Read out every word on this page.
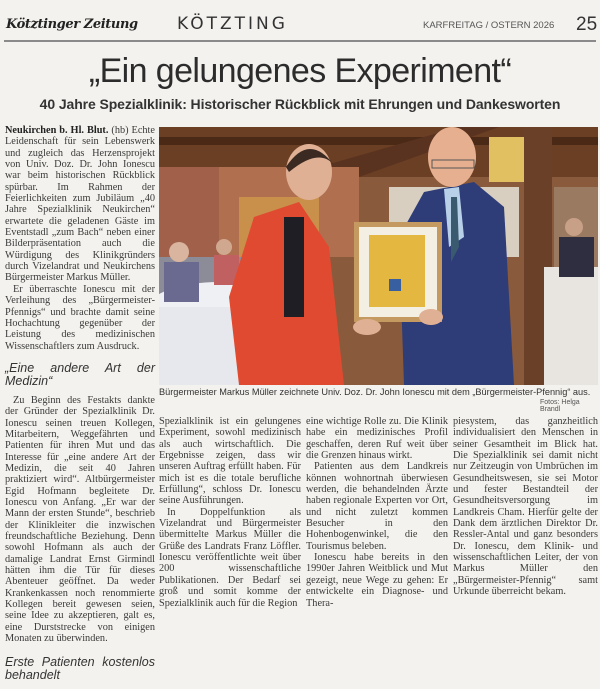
Kötztinger Zeitung KÖTZTING	KARFREITAG / OSTERN 2026 25
„Ein gelungenes Experiment“
40 Jahre Spezialklinik: Historischer Rückblick mit Ehrungen und Dankesworten

Neukirchen b. Hl. Blut. (hb) Echte Leidenschaft für sein Lebenswerk und zugleich das Herzensprojekt von Univ. Doz. Dr. John Ionescu war beim historischen Rückblick spürbar. Im Rahmen der Feierlichkeiten zum Jubiläum „40 Jahre Spezialklinik Neukirchen“ erwartete die geladenen Gäste im Eventstadl „zum Bach“ neben einer Bilderpräsentation auch die Würdigung des Klinikgründers durch Vizelandrat und Neukirchens Bürgermeister Markus Müller.

Er überraschte Ionescu mit der Verleihung des „Bürgermeister-Pfennigs“ und brachte damit seine Hochachtung gegenüber der Leistung des medizinischen Wissenschaftlers zum Ausdruck.

„Eine andere Art der Medizin“

Zu Beginn des Festakts dankte der Gründer der Spezialklinik Dr. Ionescu seinen treuen Kollegen, Mitarbeitern, Weggefährten und Patienten für ihren Mut und das Interesse für „eine andere Art der Medizin, die seit 40 Jahren praktiziert wird“. Altbürgermeister Egid Hofmann begleitete Dr. Ionescu von Anfang. „Er war der Mann der ersten Stunde“, beschrieb der Klinikleiter die inzwischen freundschaftliche Beziehung. Denn sowohl Hofmann als auch der damalige Landrat Ernst Girmindl hätten ihm die Tür für dieses Abenteuer geöffnet. Da weder Krankenkassen noch renommierte Kollegen bereit gewesen seien, seine Idee zu akzeptieren, galt es, eine Durststrecke von einigen Monaten zu überwinden.

Erste Patienten kostenlos behandelt
Bürgermeister Markus Müller zeichnete Univ. Doz. Dr. John Ionescu mit dem „Bürgermeister-Pfennig“ aus.
Fotos: Helga Brandl

Spezialklinik ist ein gelungenes Experiment, sowohl medizinisch als auch wirtschaftlich. Die Ergebnisse zeigen, dass wir unseren Auftrag erfüllt haben. Für mich ist es die totale berufliche Erfüllung“, schloss Dr. Ionescu seine Ausführungen.

In Doppelfunktion als Vizelandrat und Bürgermeister übermittelte Markus Müller die Grüße des Landrats Franz Löffler. Ionescu veröffentlichte weit über 200 wissenschaftliche Publikationen. Der Bedarf sei groß und somit komme der Spezialklinik auch für die Region

eine wichtige Rolle zu. Die Klinik habe ein medizinisches Profil geschaffen, deren Ruf weit über die Grenzen hinaus wirkt.

Patienten aus dem Landkreis können wohnortnah überwiesen werden, die behandelnden Ärzte haben regionale Experten vor Ort, und nicht zuletzt kommen Besucher in den Hohenbogenwinkel, die den Tourismus beleben.

Ionescu habe bereits in den 1990er Jahren Weitblick und Mut gezeigt, neue Wege zu gehen: Er entwickelte ein Diagnose- und Thera-

piesystem, das ganzheitlich individualisiert den Menschen in seiner Gesamtheit im Blick hat. Die Spezialklinik sei damit nicht nur Zeitzeugin von Umbrüchen im Gesundheitswesen, sie sei Motor und fester Bestandteil der Gesundheitsversorgung im Landkreis Cham. Hierfür gelte der Dank dem ärztlichen Direktor Dr. Ressler-Antal und ganz besonders Dr. Ionescu, dem Klinik- und wissenschaftlichen Leiter, der von Markus Müller den „Bürgermeister-Pfennig“ samt Urkunde überreicht bekam.
